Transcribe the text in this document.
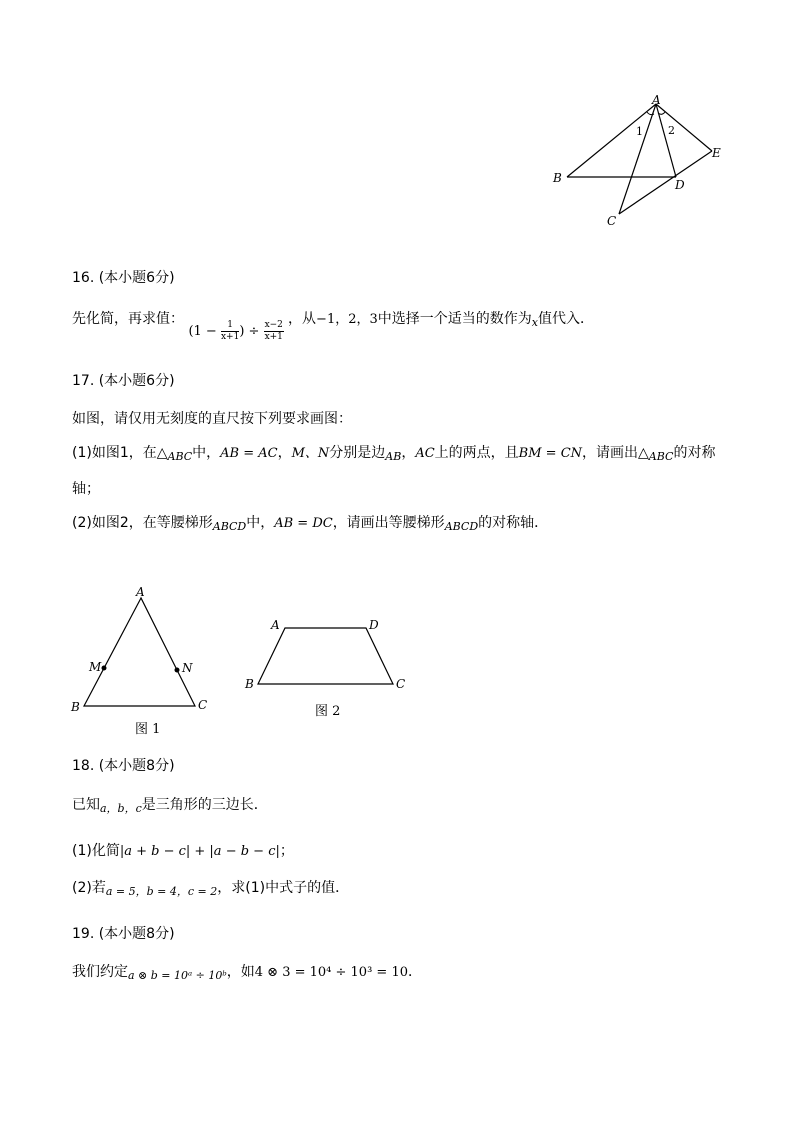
A
B
C
D
E
1 2
16. (本小题6分)
先化简，再求值： ($1 - \frac{1}{x+1}$ ) ÷ $\frac{x-2}{x+1}$
，从−1，2，3中选择一个适当的数作为$_x$值代入．
17. (本小题6分)
如图，请仅用无刻度的直尺按下列要求画图：
(1)如图1，在$\triangle_{ABC}$中，AB = AC，M、N分别是边$_{AB}$，AC上的两点，且BM = CN，请画出$\triangle_{ABC}$的对称
轴；
(2)如图2，在等腰梯形$_{ABCD}$中，AB = DC，请画出等腰梯形$_{ABCD}$的对称轴．
A
B	C
M	N
图 1
A	D
B	C
图 2
18. (本小题8分)
已知$_{a,b,c}$是三角形的三边长．
(1)化简|a + b − c| + |a − b − c|；
(2)若$_{a = 5,b = 4,c = 2}$，求(1)中式子的值．
19. (本小题8分)
我们约定$_{a \otimes b = 10ᵃ \div 10ᵇ}$，如4 ⊗ 3 = 10⁴ ÷ 10³ = 10．
